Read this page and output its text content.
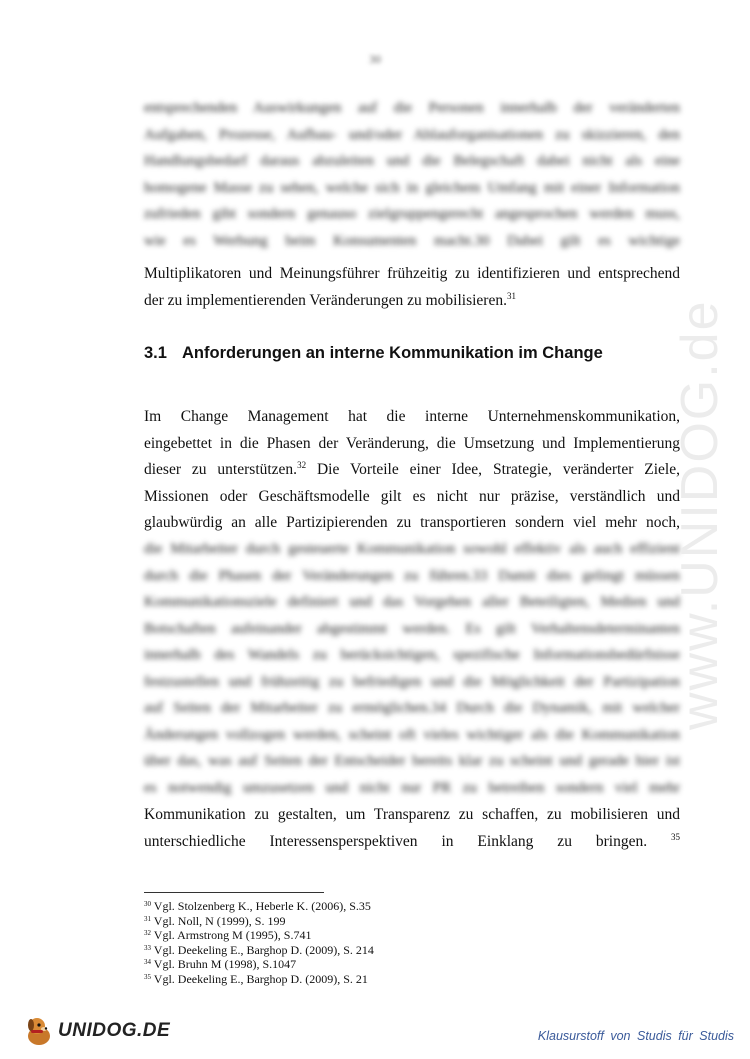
30
entsprechenden Auswirkungen auf die Personen innerhalb der veränderten
Aufgaben, Prozesse, Aufbau- und/oder Ablauforganisationen zu skizzieren, den
Handlungsbedarf daraus abzuleiten und die Belegschaft dabei nicht als eine
homogene Masse zu sehen, welche sich in gleichem Umfang mit einer Information
zufrieden gibt sondern genauso zielgruppengerecht angesprochen werden muss,
wie es Werbung beim Konsumenten macht.30 Dabei gilt es wichtige
Multiplikatoren und Meinungsführer frühzeitig zu identifizieren und entsprechend
der zu implementierenden Veränderungen zu mobilisieren.$^{31}$
3.1 Anforderungen an interne Kommunikation im Change
Im Change Management hat die interne Unternehmenskommunikation,
eingebettet in die Phasen der Veränderung, die Umsetzung und Implementierung
dieser zu unterstützen.$^{32}$ Die Vorteile einer Idee, Strategie, veränderter Ziele,
Missionen oder Geschäftsmodelle gilt es nicht nur präzise, verständlich und
glaubwürdig an alle Partizipierenden zu transportieren sondern viel mehr noch,
die Mitarbeiter durch gesteuerte Kommunikation sowohl effektiv als auch effizient
durch die Phasen der Veränderungen zu führen.33 Damit dies gelingt müssen
Kommunikationsziele definiert und das Vorgehen aller Beteiligten, Medien und
Botschaften aufeinander abgestimmt werden. Es gilt Verhaltensdeterminanten
innerhalb des Wandels zu berücksichtigen, spezifische Informationsbedürfnisse
festzustellen und frühzeitig zu befriedigen und die Möglichkeit der Partizipation
auf Seiten der Mitarbeiter zu ermöglichen.34 Durch die Dynamik, mit welcher
Änderungen vollzogen werden, scheint oft vieles wichtiger als die Kommunikation
über das, was auf Seiten der Entscheider bereits klar zu scheint und gerade hier ist
es notwendig umzusetzen und nicht nur PR zu betreiben sondern viel mehr
Kommunikation zu gestalten, um Transparenz zu schaffen, zu mobilisieren und
unterschiedliche Interessensperspektiven in Einklang zu bringen.	$^{35}$
$^{30}$ Vgl. Stolzenberg K., Heberle K. (2006), S.35
$^{31}$ Vgl. Noll, N (1999), S. 199
$^{32}$ Vgl. Armstrong M (1995), S.741
$^{33}$ Vgl. Deekeling E., Barghop D. (2009), S. 214
$^{34}$ Vgl. Bruhn M (1998), S.1047
$^{35}$ Vgl. Deekeling E., Barghop D. (2009), S. 21
www.UNIDOG.de
UNIDOG.DE	Klausurstoff von Studis für Studis
